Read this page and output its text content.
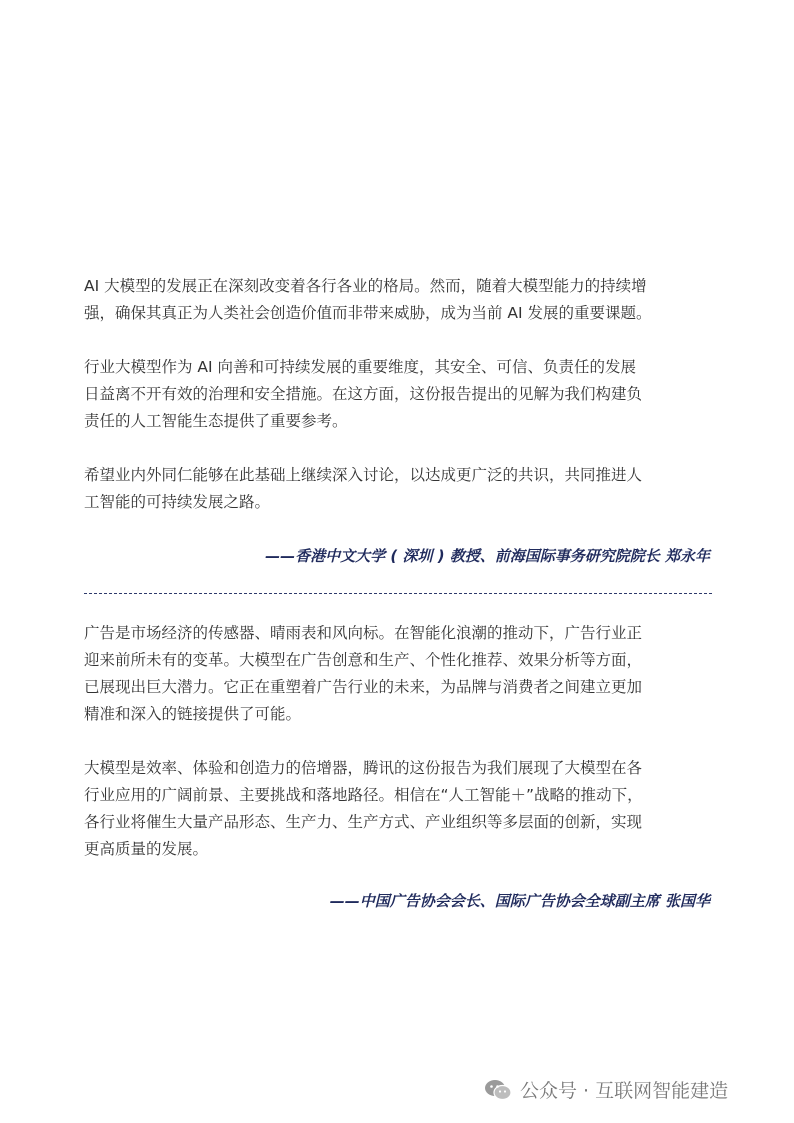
AI 大模型的发展正在深刻改变着各行各业的格局。然而，随着大模型能力的持续增
强，确保其真正为人类社会创造价值而非带来威胁，成为当前 AI 发展的重要课题。

行业大模型作为 AI 向善和可持续发展的重要维度，其安全、可信、负责任的发展
日益离不开有效的治理和安全措施。在这方面，这份报告提出的见解为我们构建负
责任的人工智能生态提供了重要参考。

希望业内外同仁能够在此基础上继续深入讨论，以达成更广泛的共识，共同推进人
工智能的可持续发展之路。

——香港中文大学 ( 深圳 ) 教授、前海国际事务研究院院长 郑永年

广告是市场经济的传感器、晴雨表和风向标。在智能化浪潮的推动下，广告行业正
迎来前所未有的变革。大模型在广告创意和生产、个性化推荐、效果分析等方面，
已展现出巨大潜力。它正在重塑着广告行业的未来，为品牌与消费者之间建立更加
精准和深入的链接提供了可能。

大模型是效率、体验和创造力的倍增器，腾讯的这份报告为我们展现了大模型在各
行业应用的广阔前景、主要挑战和落地路径。相信在“人工智能＋”战略的推动下，
各行业将催生大量产品形态、生产力、生产方式、产业组织等多层面的创新，实现
更高质量的发展。

——中国广告协会会长、国际广告协会全球副主席 张国华
公众号 · 互联网智能建造
